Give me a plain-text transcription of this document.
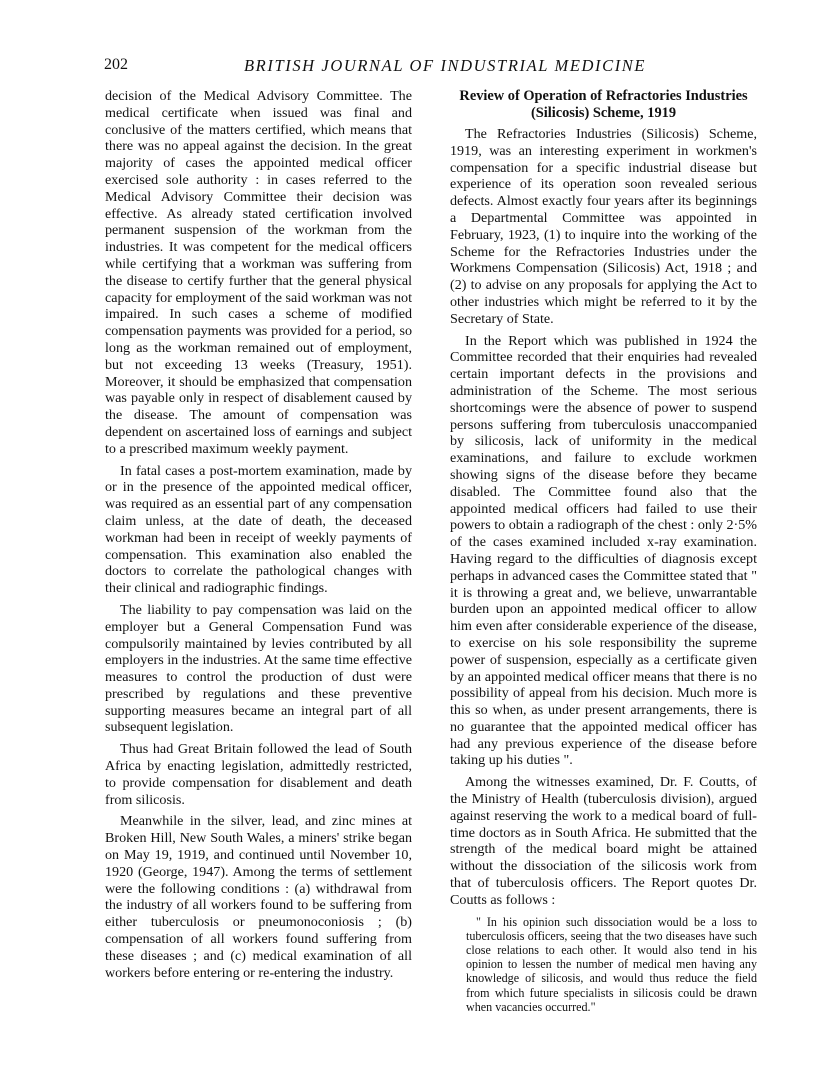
202	BRITISH JOURNAL OF INDUSTRIAL MEDICINE

decision of the Medical Advisory Committee. The medical certificate when issued was final and conclusive of the matters certified, which means that there was no appeal against the decision. In the great majority of cases the appointed medical officer exercised sole authority : in cases referred to the Medical Advisory Committee their decision was effective. As already stated certification involved permanent suspension of the workman from the industries. It was competent for the medical officers while certifying that a workman was suffering from the disease to certify further that the general physical capacity for employment of the said workman was not impaired. In such cases a scheme of modified compensation payments was provided for a period, so long as the workman remained out of employment, but not exceeding 13 weeks (Treasury, 1951). Moreover, it should be emphasized that compensation was payable only in respect of disablement caused by the disease. The amount of compensation was dependent on ascertained loss of earnings and subject to a prescribed maximum weekly payment.

In fatal cases a post-mortem examination, made by or in the presence of the appointed medical officer, was required as an essential part of any compensation claim unless, at the date of death, the deceased workman had been in receipt of weekly payments of compensation. This examination also enabled the doctors to correlate the pathological changes with their clinical and radiographic findings.

The liability to pay compensation was laid on the employer but a General Compensation Fund was compulsorily maintained by levies contributed by all employers in the industries. At the same time effective measures to control the production of dust were prescribed by regulations and these preventive supporting measures became an integral part of all subsequent legislation.

Thus had Great Britain followed the lead of South Africa by enacting legislation, admittedly restricted, to provide compensation for disablement and death from silicosis.

Meanwhile in the silver, lead, and zinc mines at Broken Hill, New South Wales, a miners' strike began on May 19, 1919, and continued until November 10, 1920 (George, 1947). Among the terms of settlement were the following conditions : (a) withdrawal from the industry of all workers found to be suffering from either tuberculosis or pneumonoconiosis ; (b) compensation of all workers found suffering from these diseases ; and (c) medical examination of all workers before entering or re-entering the industry.

Review of Operation of Refractories Industries (Silicosis) Scheme, 1919

The Refractories Industries (Silicosis) Scheme, 1919, was an interesting experiment in workmen's compensation for a specific industrial disease but experience of its operation soon revealed serious defects. Almost exactly four years after its beginnings a Departmental Committee was appointed in February, 1923, (1) to inquire into the working of the Scheme for the Refractories Industries under the Workmens Compensation (Silicosis) Act, 1918 ; and (2) to advise on any proposals for applying the Act to other industries which might be referred to it by the Secretary of State.

In the Report which was published in 1924 the Committee recorded that their enquiries had revealed certain important defects in the provisions and administration of the Scheme. The most serious shortcomings were the absence of power to suspend persons suffering from tuberculosis unaccompanied by silicosis, lack of uniformity in the medical examinations, and failure to exclude workmen showing signs of the disease before they became disabled. The Committee found also that the appointed medical officers had failed to use their powers to obtain a radiograph of the chest : only 2·5% of the cases examined included x-ray examination. Having regard to the difficulties of diagnosis except perhaps in advanced cases the Committee stated that " it is throwing a great and, we believe, unwarrantable burden upon an appointed medical officer to allow him even after considerable experience of the disease, to exercise on his sole responsibility the supreme power of suspension, especially as a certificate given by an appointed medical officer means that there is no possibility of appeal from his decision. Much more is this so when, as under present arrangements, there is no guarantee that the appointed medical officer has had any previous experience of the disease before taking up his duties ".

Among the witnesses examined, Dr. F. Coutts, of the Ministry of Health (tuberculosis division), argued against reserving the work to a medical board of full-time doctors as in South Africa. He submitted that the strength of the medical board might be attained without the dissociation of the silicosis work from that of tuberculosis officers. The Report quotes Dr. Coutts as follows :

" In his opinion such dissociation would be a loss to tuberculosis officers, seeing that the two diseases have such close relations to each other. It would also tend in his opinion to lessen the number of medical men having any knowledge of silicosis, and would thus reduce the field from which future specialists in silicosis could be drawn when vacancies occurred."
